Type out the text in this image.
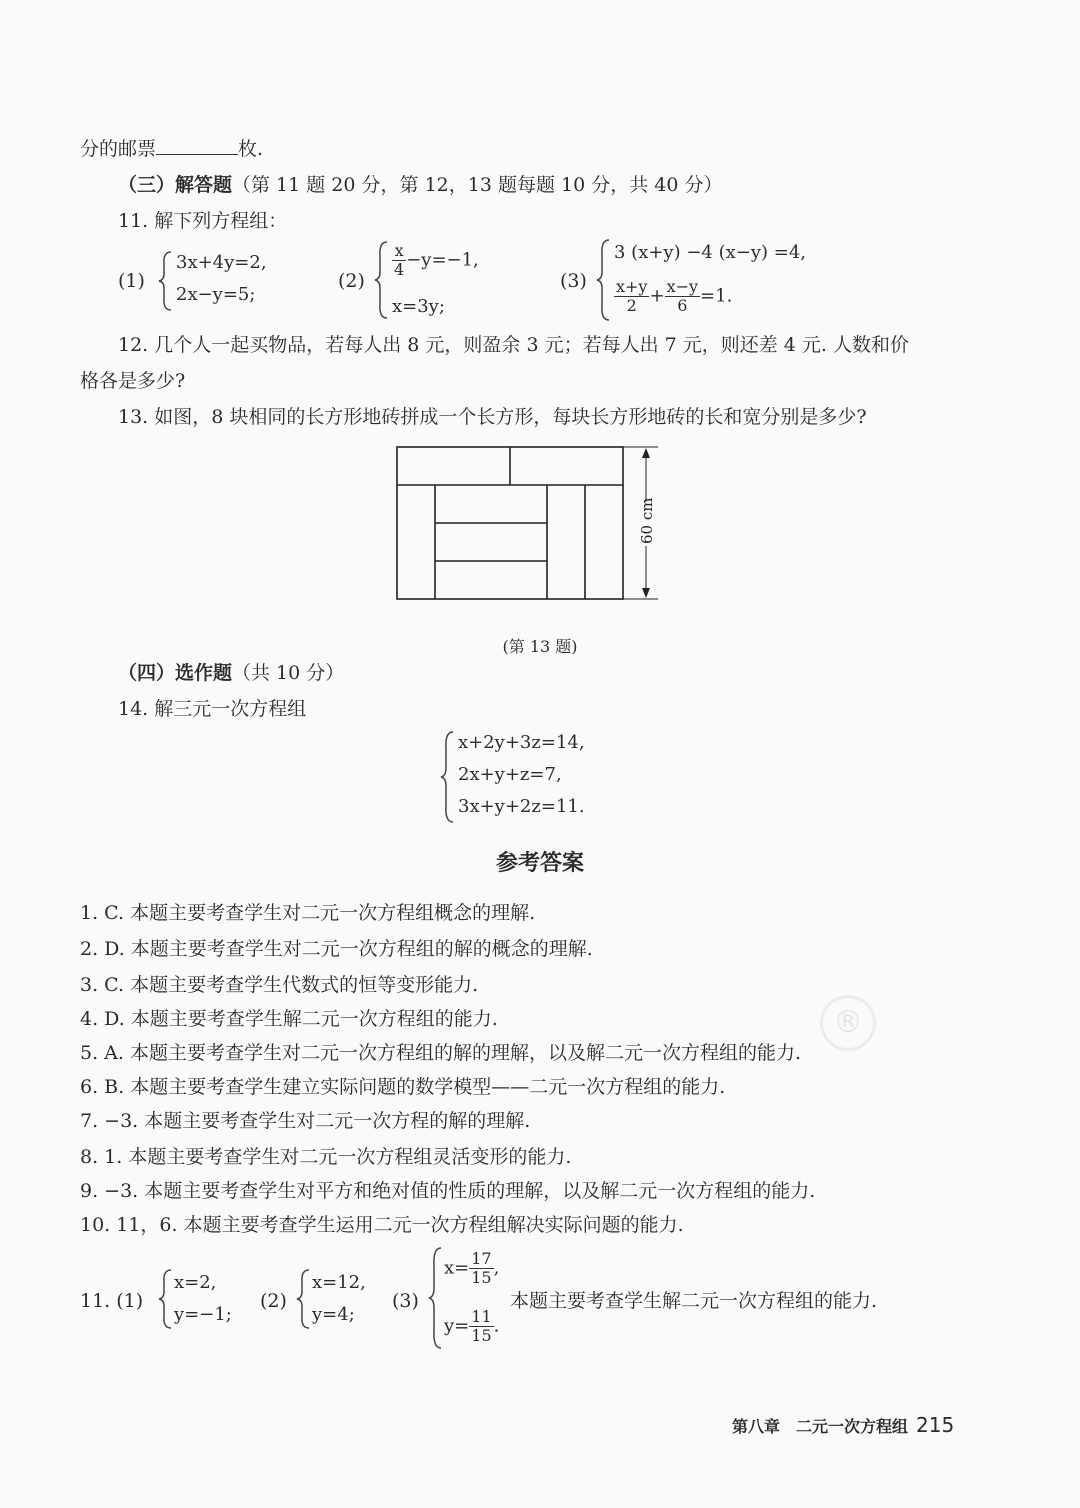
分的邮票	枚.
（三）解答题（第 11 题 20 分，第 12，13 题每题 10 分，共 40 分）
11. 解下列方程组：
(1)
3x+4y=2,
2x−y=5;
(2)
$\frac{x}{4} -y=-1$,
x=3y;
(3)
3 (x+y) −4 (x−y) =4,
$\frac{x+y}{2} + \frac{x-y}{6} =1$.
12. 几个人一起买物品，若每人出 8 元，则盈余 3 元；若每人出 7 元，则还差 4 元. 人数和价
格各是多少?
13. 如图，8 块相同的长方形地砖拼成一个长方形，每块长方形地砖的长和宽分别是多少?
60 cm
(第 13 题)
（四）选作题（共 10 分）
14. 解三元一次方程组
x+2y+3z=14,
2x+y+z=7,
3x+y+2z=11.
参考答案
1. C. 本题主要考查学生对二元一次方程组概念的理解.
2. D. 本题主要考查学生对二元一次方程组的解的概念的理解.
3. C. 本题主要考查学生代数式的恒等变形能力.
4. D. 本题主要考查学生解二元一次方程组的能力.
5. A. 本题主要考查学生对二元一次方程组的解的理解，以及解二元一次方程组的能力.
6. B. 本题主要考查学生建立实际问题的数学模型——二元一次方程组的能力.
7. −3. 本题主要考查学生对二元一次方程的解的理解.
8. 1. 本题主要考查学生对二元一次方程组灵活变形的能力.
9. −3. 本题主要考查学生对平方和绝对值的性质的理解，以及解二元一次方程组的能力.
10. 11，6. 本题主要考查学生运用二元一次方程组解决实际问题的能力.
®
11. (1)
x=2,
y=−1;
(2)
x=12,
y=4;
(3)
$x= \frac{17}{15}$ ,
$y= \frac{11}{15}$ .
本题主要考查学生解二元一次方程组的能力.
第八章　二元一次方程组 215
